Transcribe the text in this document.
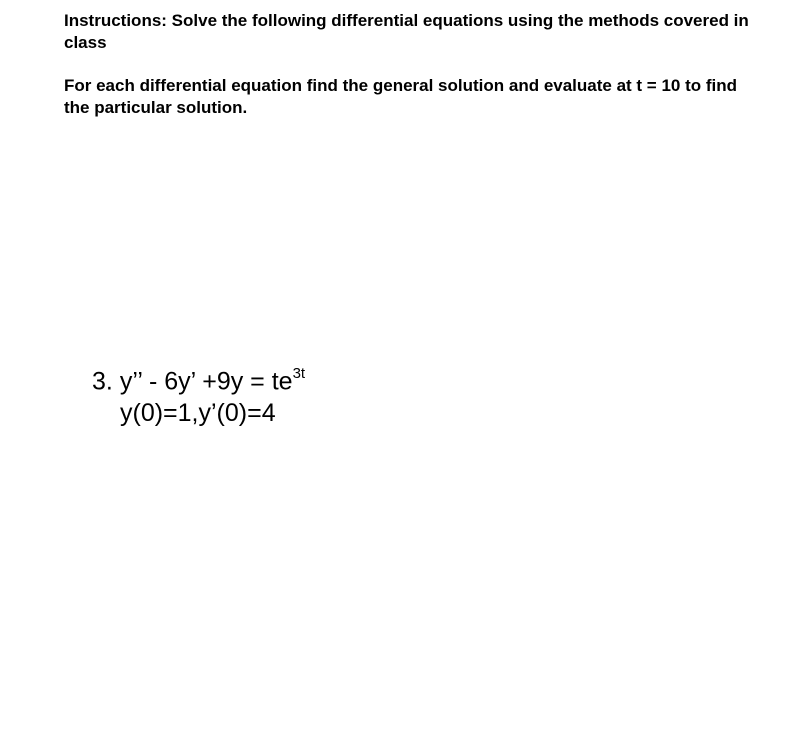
Instructions: Solve the following differential equations using the methods covered in class

For each differential equation find the general solution and evaluate at t = 10 to find the particular solution.

3. y’’ - 6y’ $+9y = te^{3t}$
y(0)=1,y’(0)=4
